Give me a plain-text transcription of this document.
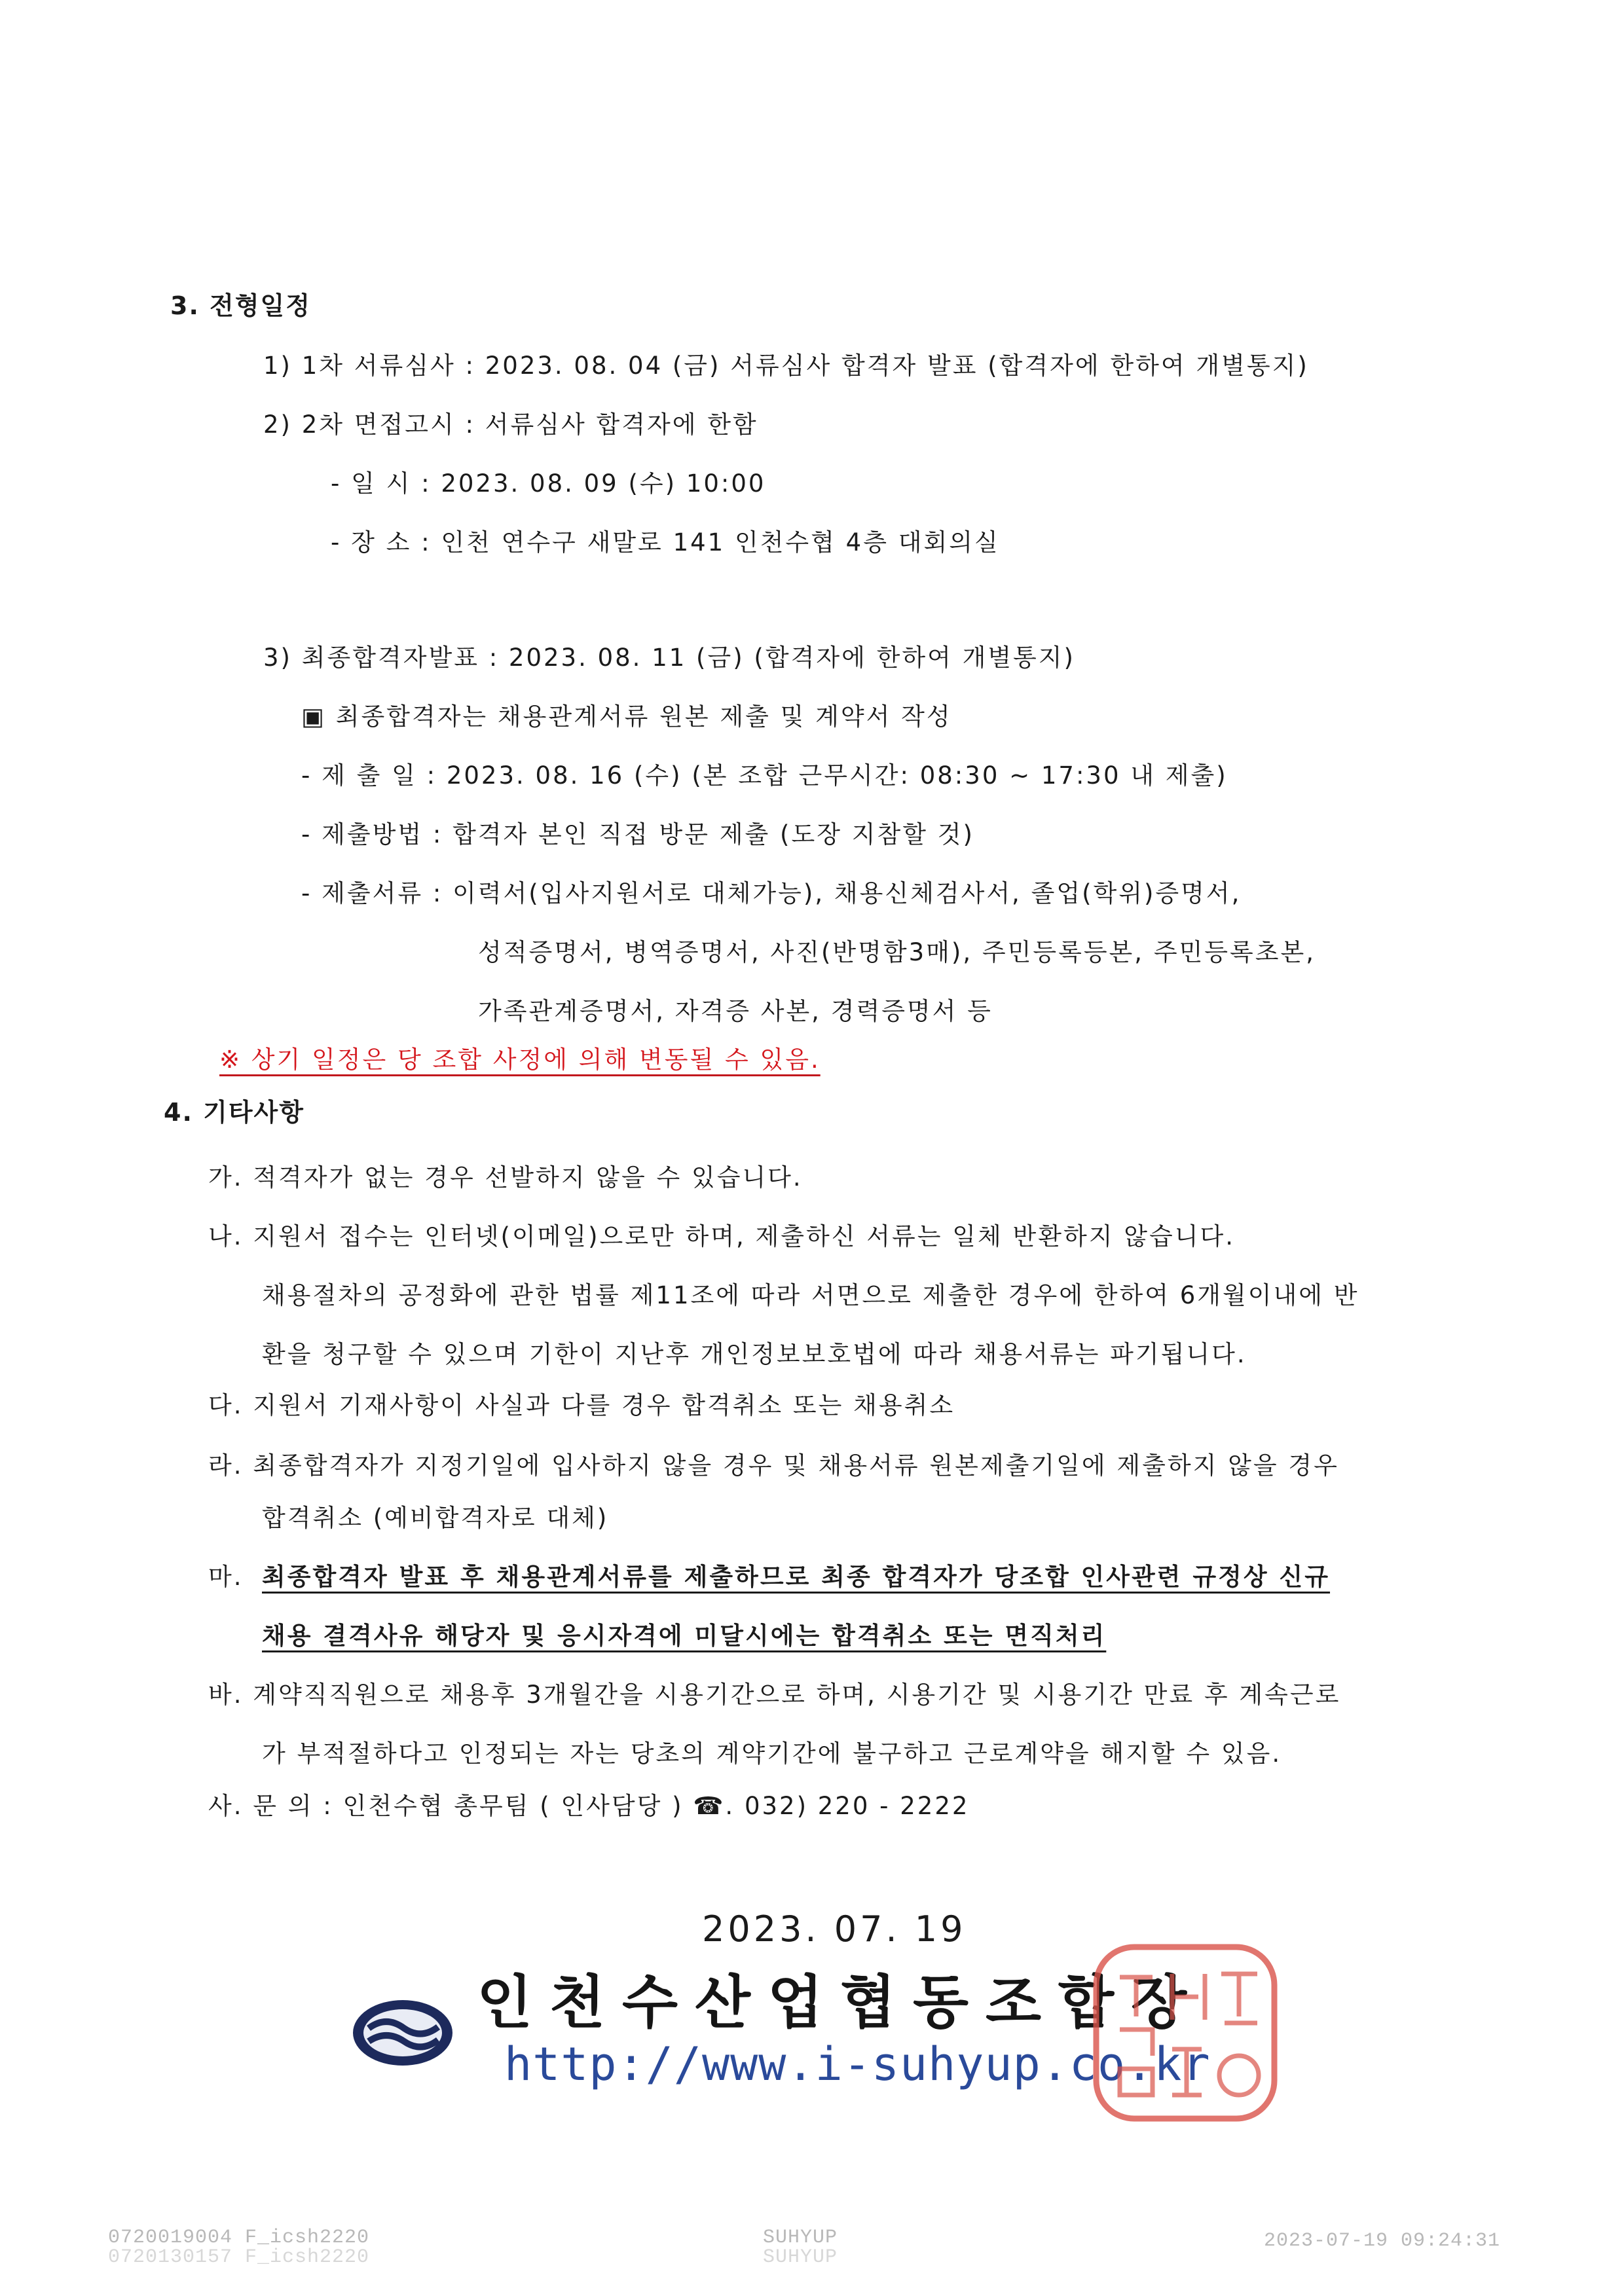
3. 전형일정
1) 1차 서류심사 : 2023. 08. 04 (금) 서류심사 합격자 발표 (합격자에 한하여 개별통지)
2) 2차 면접고시 : 서류심사 합격자에 한함
- 일 시 : 2023. 08. 09 (수) 10:00
- 장 소 : 인천 연수구 새말로 141 인천수협 4층 대회의실
3) 최종합격자발표 : 2023. 08. 11 (금) (합격자에 한하여 개별통지)
▣ 최종합격자는 채용관계서류 원본 제출 및 계약서 작성
- 제 출 일 : 2023. 08. 16 (수) (본 조합 근무시간: 08:30 ~ 17:30 내 제출)
- 제출방법 : 합격자 본인 직접 방문 제출 (도장 지참할 것)
- 제출서류 : 이력서(입사지원서로 대체가능), 채용신체검사서, 졸업(학위)증명서,
성적증명서, 병역증명서, 사진(반명함3매), 주민등록등본, 주민등록초본,
가족관계증명서, 자격증 사본, 경력증명서 등
※ 상기 일정은 당 조합 사정에 의해 변동될 수 있음.
4. 기타사항
가. 적격자가 없는 경우 선발하지 않을 수 있습니다.
나. 지원서 접수는 인터넷(이메일)으로만 하며, 제출하신 서류는 일체 반환하지 않습니다.
채용절차의 공정화에 관한 법률 제11조에 따라 서면으로 제출한 경우에 한하여 6개월이내에 반
환을 청구할 수 있으며 기한이 지난후 개인정보보호법에 따라 채용서류는 파기됩니다.
다. 지원서 기재사항이 사실과 다를 경우 합격취소 또는 채용취소
라. 최종합격자가 지정기일에 입사하지 않을 경우 및 채용서류 원본제출기일에 제출하지 않을 경우
합격취소 (예비합격자로 대체)
마. 최종합격자 발표 후 채용관계서류를 제출하므로 최종 합격자가 당조합 인사관련 규정상 신규
채용 결격사유 해당자 및 응시자격에 미달시에는 합격취소 또는 면직처리
바. 계약직직원으로 채용후 3개월간을 시용기간으로 하며, 시용기간 및 시용기간 만료 후 계속근로
가 부적절하다고 인정되는 자는 당초의 계약기간에 불구하고 근로계약을 해지할 수 있음.
사. 문 의 : 인천수협 총무팀 ( 인사담당 ) ☎. 032) 220 - 2222
2023. 07. 19
인천수산업협동조합장
http://www.i-suhyup.co.kr
0720019004 F_icsh2220
0720130157 F_icsh2220
SUHYUP
SUHYUP
2023-07-19 09:24:31
